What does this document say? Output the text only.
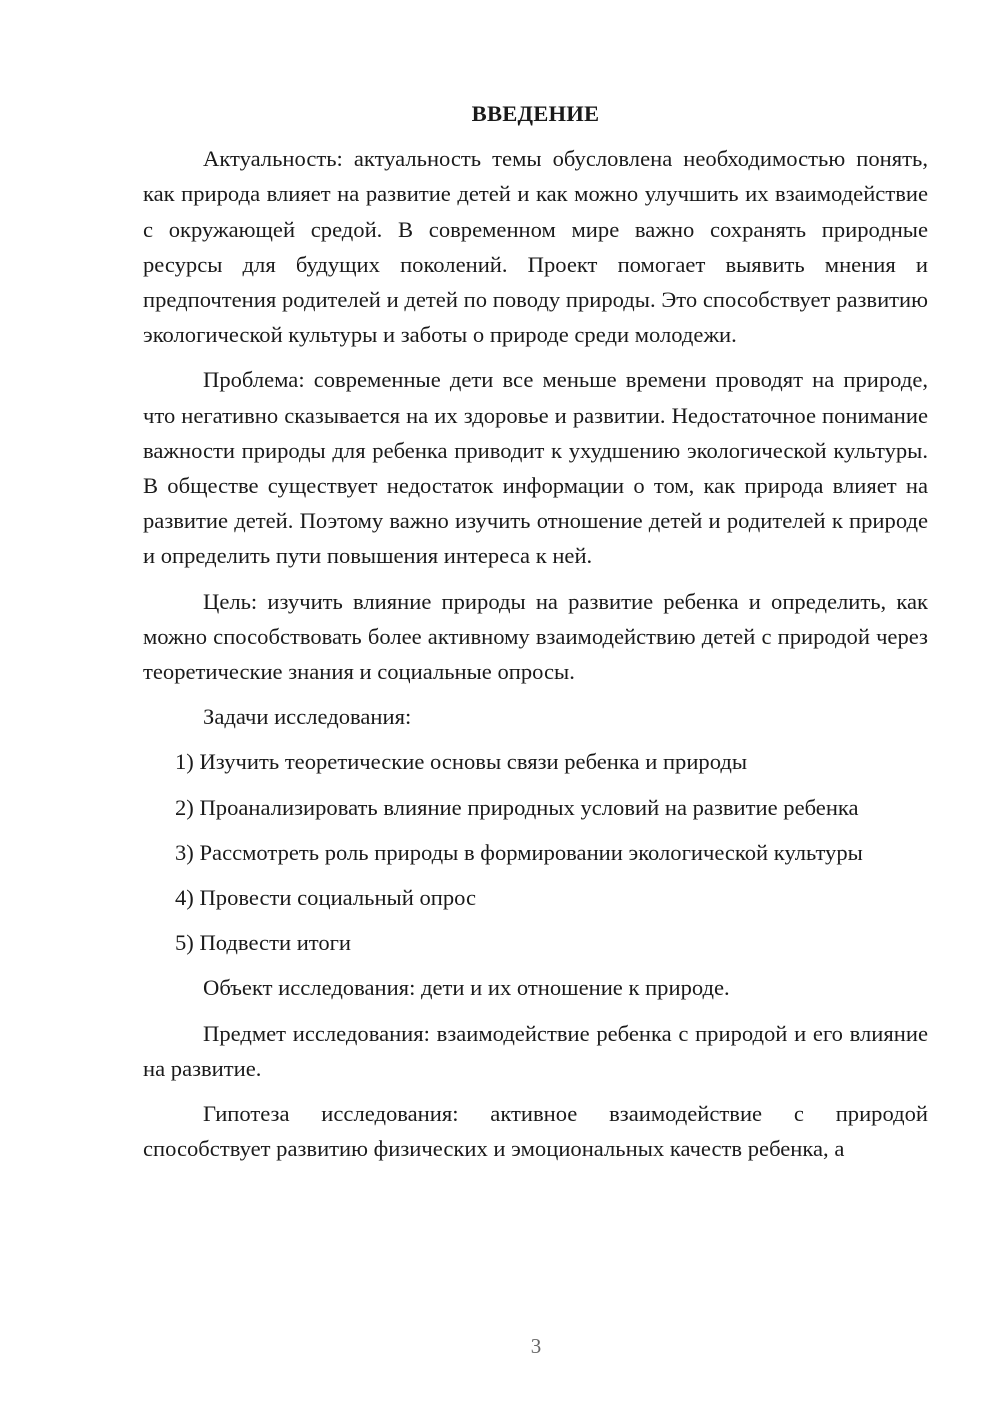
ВВЕДЕНИЕ

Актуальность: актуальность темы обусловлена необходимостью понять, как природа влияет на развитие детей и как можно улучшить их взаимодействие с окружающей средой. В современном мире важно сохранять природные ресурсы для будущих поколений. Проект помогает выявить мнения и предпочтения родителей и детей по поводу природы. Это способствует развитию экологической культуры и заботы о природе среди молодежи.

Проблема: современные дети все меньше времени проводят на природе, что негативно сказывается на их здоровье и развитии. Недостаточное понимание важности природы для ребенка приводит к ухудшению экологической культуры. В обществе существует недостаток информации о том, как природа влияет на развитие детей. Поэтому важно изучить отношение детей и родителей к природе и определить пути повышения интереса к ней.

Цель: изучить влияние природы на развитие ребенка и определить, как можно способствовать более активному взаимодействию детей с природой через теоретические знания и социальные опросы.

Задачи исследования:

1) Изучить теоретические основы связи ребенка и природы

2) Проанализировать влияние природных условий на развитие ребенка

3) Рассмотреть роль природы в формировании экологической культуры

4) Провести социальный опрос

5) Подвести итоги

Объект исследования: дети и их отношение к природе.

Предмет исследования: взаимодействие ребенка с природой и его влияние на развитие.

Гипотеза исследования: активное взаимодействие с природой способствует развитию физических и эмоциональных качеств ребенка, а

3
